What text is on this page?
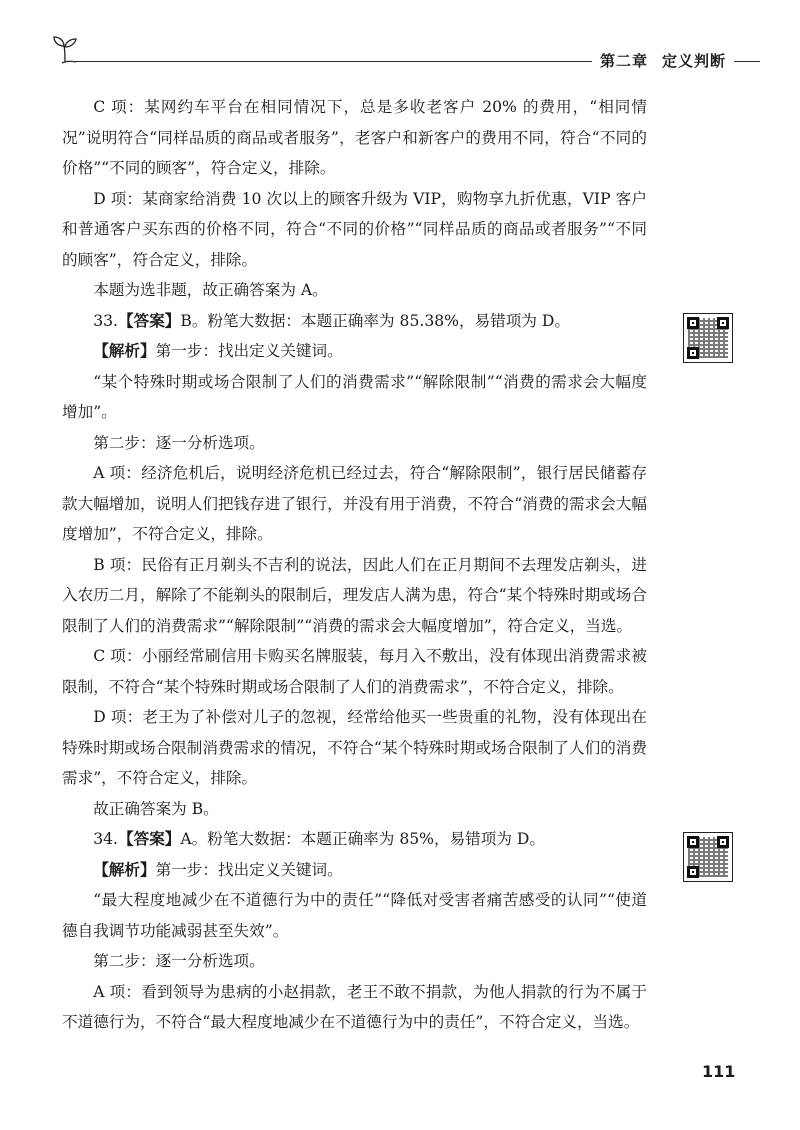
第二章 定义判断

C 项：某网约车平台在相同情况下，总是多收老客户 20% 的费用，“相同情况”说明符合“同样品质的商品或者服务”，老客户和新客户的费用不同，符合“不同的价格”“不同的顾客”，符合定义，排除。

D 项：某商家给消费 10 次以上的顾客升级为 VIP，购物享九折优惠，VIP 客户和普通客户买东西的价格不同，符合“不同的价格”“同样品质的商品或者服务”“不同的顾客”，符合定义，排除。

本题为选非题，故正确答案为 A。

33.【答案】B。粉笔大数据：本题正确率为 85.38%，易错项为 D。

【解析】第一步：找出定义关键词。

“某个特殊时期或场合限制了人们的消费需求”“解除限制”“消费的需求会大幅度增加”。

第二步：逐一分析选项。

A 项：经济危机后，说明经济危机已经过去，符合“解除限制”，银行居民储蓄存款大幅增加，说明人们把钱存进了银行，并没有用于消费，不符合“消费的需求会大幅度增加”，不符合定义，排除。

B 项：民俗有正月剃头不吉利的说法，因此人们在正月期间不去理发店剃头，进入农历二月，解除了不能剃头的限制后，理发店人满为患，符合“某个特殊时期或场合限制了人们的消费需求”“解除限制”“消费的需求会大幅度增加”，符合定义，当选。

C 项：小丽经常刷信用卡购买名牌服装，每月入不敷出，没有体现出消费需求被限制，不符合“某个特殊时期或场合限制了人们的消费需求”，不符合定义，排除。

D 项：老王为了补偿对儿子的忽视，经常给他买一些贵重的礼物，没有体现出在特殊时期或场合限制消费需求的情况，不符合“某个特殊时期或场合限制了人们的消费需求”，不符合定义，排除。

故正确答案为 B。

34.【答案】A。粉笔大数据：本题正确率为 85%，易错项为 D。

【解析】第一步：找出定义关键词。

“最大程度地减少在不道德行为中的责任”“降低对受害者痛苦感受的认同”“使道德自我调节功能减弱甚至失效”。

第二步：逐一分析选项。

A 项：看到领导为患病的小赵捐款，老王不敢不捐款，为他人捐款的行为不属于不道德行为，不符合“最大程度地减少在不道德行为中的责任”，不符合定义，当选。

111
